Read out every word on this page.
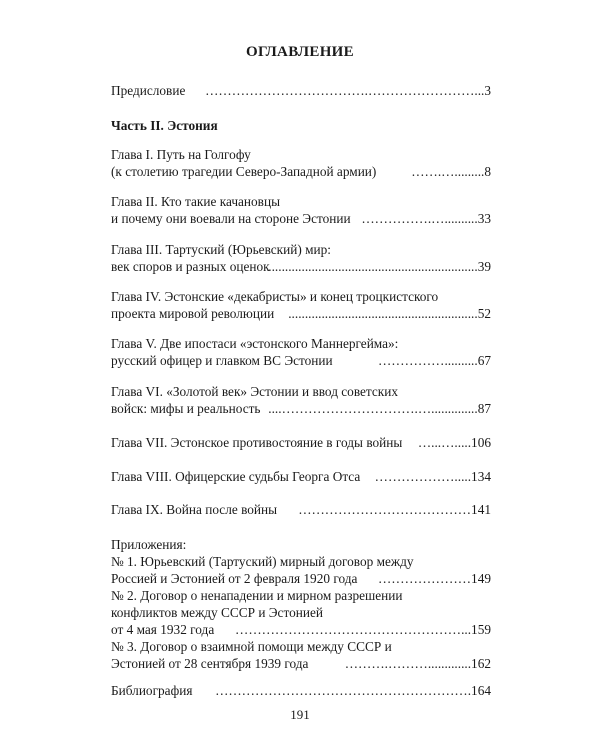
ОГЛАВЛЕНИЕ
Предисловие ……………………………….……………………...3
Часть II. Эстония
Глава I. Путь на Голгофу
(к столетию трагедии Северо-Западной армии)	…….….........8
Глава II. Кто такие качановцы
и почему они воевали на стороне Эстонии …………….…..........33
Глава III. Тартуский (Юрьевский) мир:
век споров и разных оценок
...............................................................39
Глава IV. Эстонские «декабристы» и конец троцкистского
проекта мировой революции .........................................................52
Глава V. Две ипостаси «эстонского Маннергейма»:
русский офицер и главком ВС Эстонии	……………..........67
Глава VI. «Золотой век» Эстонии и ввод советских
войск: мифы и реальность ....………………………….…..............87
Глава VII. Эстонское противостояние в годы войны …...….....106
Глава VIII. Офицерские судьбы Георга Отса ……………….....134
Глава IX. Война после войны …………………………………141
Приложения:
№ 1. Юрьевский (Тартуский) мирный договор между
Россией и Эстонией от 2 февраля 1920 года …………………149
№ 2. Договор о ненападении и мирном разрешении
конфликтов между СССР и Эстонией
от 4 мая 1932 года ……………………………………………...159
№ 3. Договор о взаимной помощи между СССР и
Эстонией от 28 сентября 1939 года	……….……….............162
Библиография ………………………………………………….164
191
